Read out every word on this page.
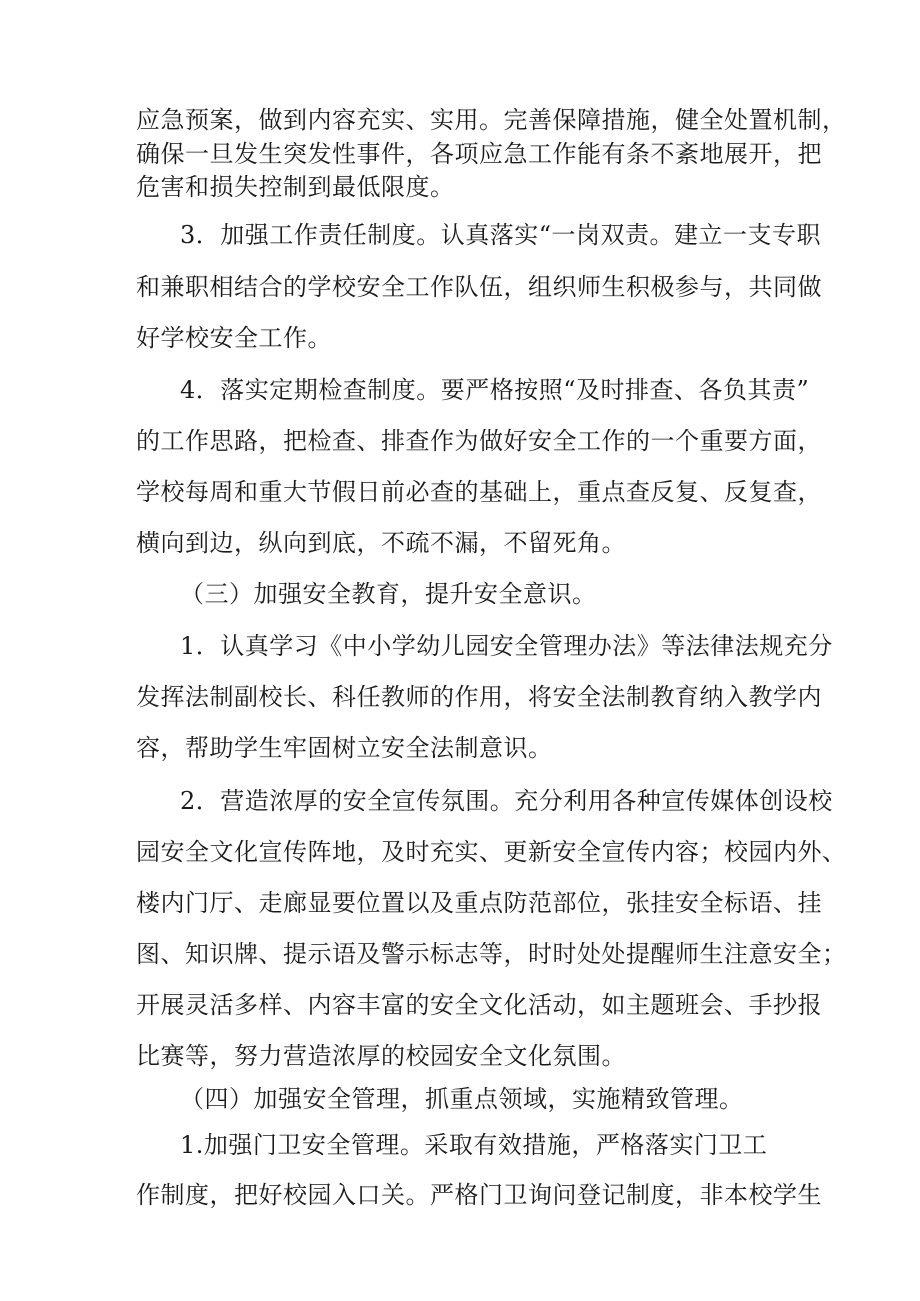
应急预案，做到内容充实、实用。完善保障措施，健全处置机制，
确保一旦发生突发性事件，各项应急工作能有条不紊地展开，把
危害和损失控制到最低限度。
3．加强工作责任制度。认真落实“一岗双责。建立一支专职
和兼职相结合的学校安全工作队伍，组织师生积极参与，共同做
好学校安全工作。
4．落实定期检查制度。要严格按照“及时排查、各负其责”
的工作思路，把检查、排查作为做好安全工作的一个重要方面，
学校每周和重大节假日前必查的基础上，重点查反复、反复查，
横向到边，纵向到底，不疏不漏，不留死角。
（三）加强安全教育，提升安全意识。
1．认真学习《中小学幼儿园安全管理办法》等法律法规充分
发挥法制副校长、科任教师的作用，将安全法制教育纳入教学内
容，帮助学生牢固树立安全法制意识。
2．营造浓厚的安全宣传氛围。充分利用各种宣传媒体创设校
园安全文化宣传阵地，及时充实、更新安全宣传内容；校园内外、
楼内门厅、走廊显要位置以及重点防范部位，张挂安全标语、挂
图、知识牌、提示语及警示标志等，时时处处提醒师生注意安全；
开展灵活多样、内容丰富的安全文化活动，如主题班会、手抄报
比赛等，努力营造浓厚的校园安全文化氛围。
（四）加强安全管理，抓重点领域，实施精致管理。
1.加强门卫安全管理。采取有效措施，严格落实门卫工
作制度，把好校园入口关。严格门卫询问登记制度，非本校学生
